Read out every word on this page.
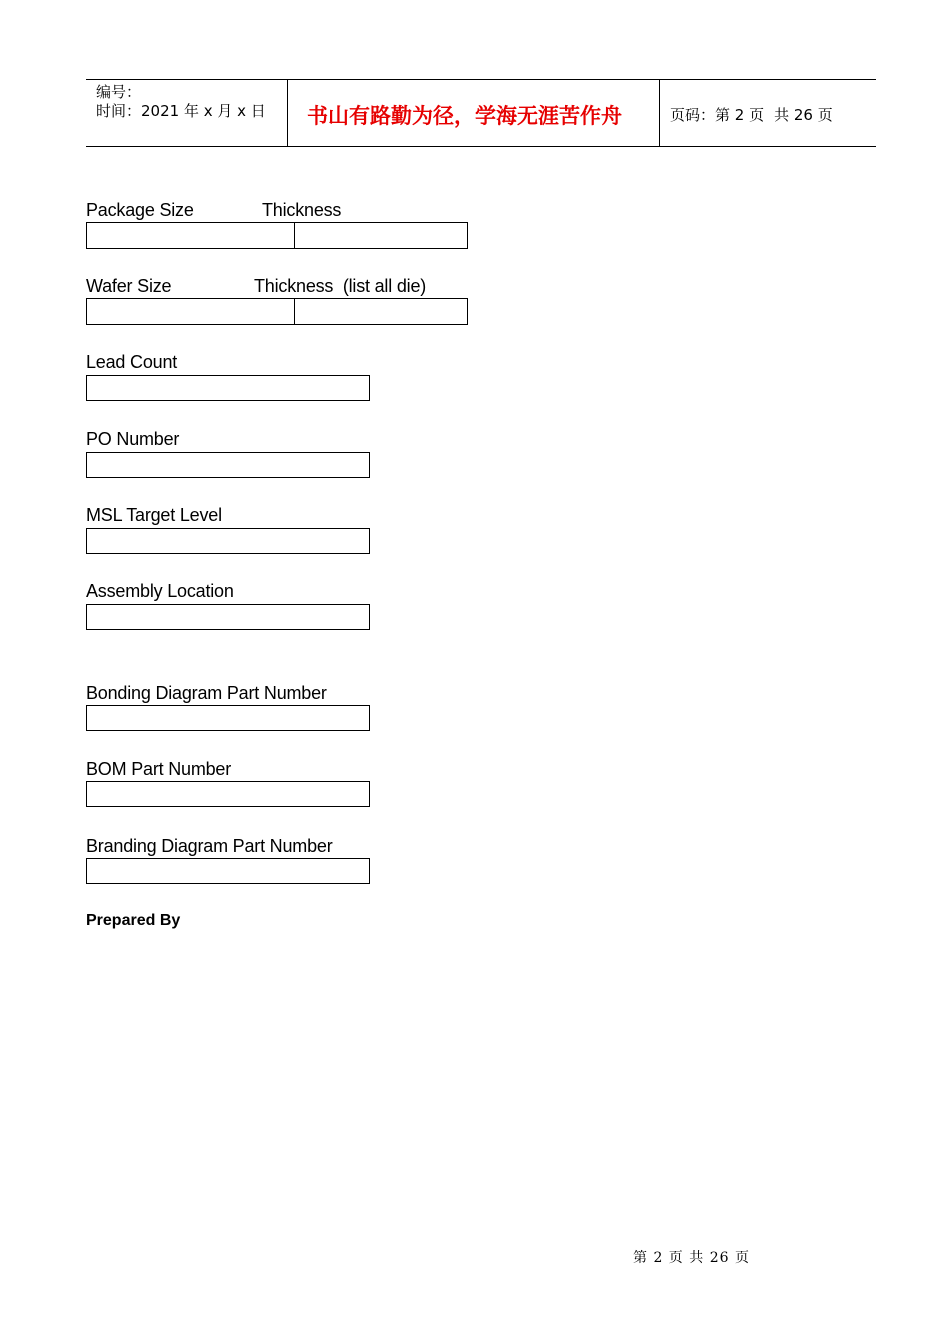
编号：
时间：2021 年 x 月 x 日	书山有路勤为径，学海无涯苦作舟	页码：第 2 页 共 26 页
Package Size	Thickness
Wafer Size	Thickness  (list all die)
Lead Count
PO Number
MSL Target Level
Assembly Location
Bonding Diagram Part Number
BOM Part Number
Branding Diagram Part Number
Prepared By
第 2 页 共 26 页
